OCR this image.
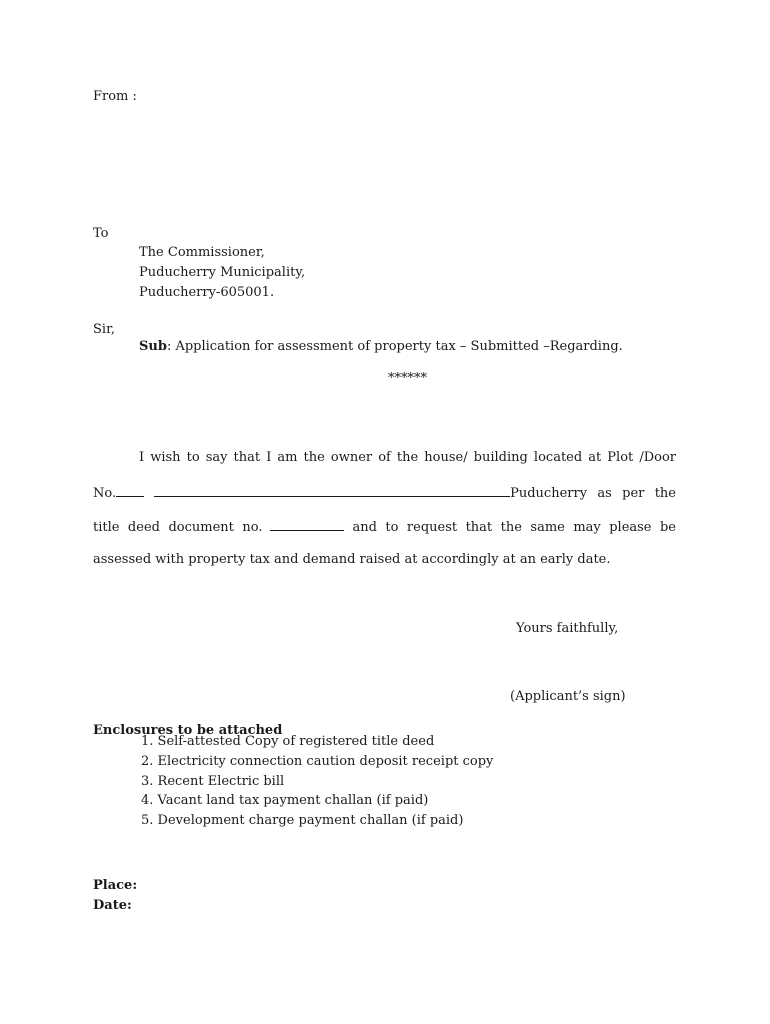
From :
To
The Commissioner,
Puducherry Municipality,
Puducherry-605001.
Sir,
Sub: Application for assessment of property tax – Submitted –Regarding.
******
I wish to say that I am the owner of the house/ building located at Plot /Door
No.	Puducherry as per the
title deed document no.	and to request that the same may please be
assessed with property tax and demand raised at accordingly at an early date.
Yours faithfully,
(Applicant’s sign)
Enclosures to be attached
1. Self-attested Copy of registered title deed
2. Electricity connection caution deposit receipt copy
3. Recent Electric bill
4. Vacant land tax payment challan (if paid)
5. Development charge payment challan (if paid)
Place:
Date:
